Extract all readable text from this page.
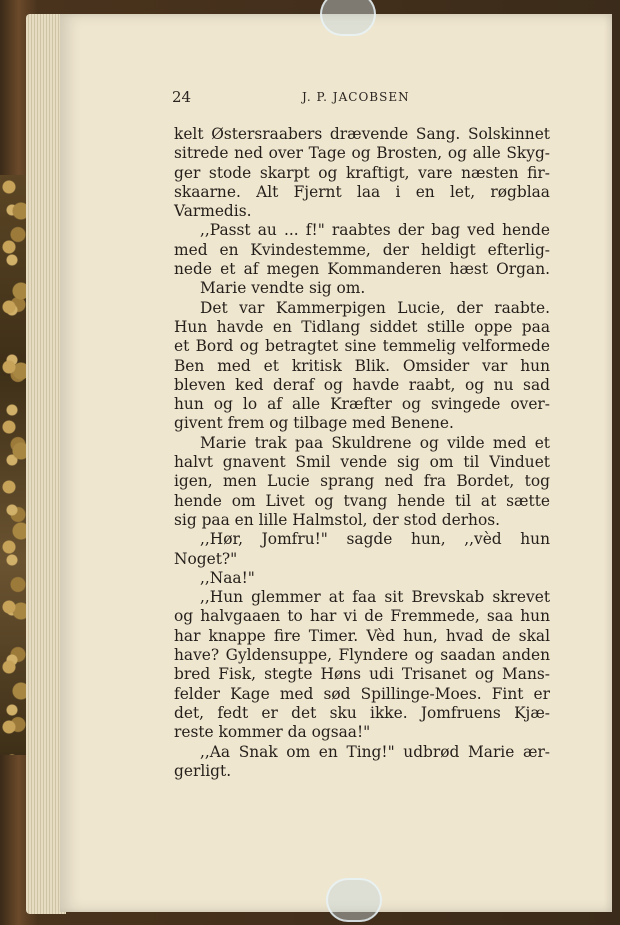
24	J. P. JACOBSEN
kelt Østersraabers drævende Sang. Solskinnet
sitrede ned over Tage og Brosten, og alle Skyg-
ger stode skarpt og kraftigt, vare næsten fir-
skaarne. Alt Fjernt laa i en let, røgblaa
Varmedis.
,,Passt au ... f!" raabtes der bag ved hende
med en Kvindestemme, der heldigt efterlig-
nede et af megen Kommanderen hæst Organ.
Marie vendte sig om.
Det var Kammerpigen Lucie, der raabte.
Hun havde en Tidlang siddet stille oppe paa
et Bord og betragtet sine temmelig velformede
Ben med et kritisk Blik. Omsider var hun
bleven ked deraf og havde raabt, og nu sad
hun og lo af alle Kræfter og svingede over-
givent frem og tilbage med Benene.
Marie trak paa Skuldrene og vilde med et
halvt gnavent Smil vende sig om til Vinduet
igen, men Lucie sprang ned fra Bordet, tog
hende om Livet og tvang hende til at sætte
sig paa en lille Halmstol, der stod derhos.
,,Hør, Jomfru!" sagde hun, ,,vèd hun
Noget?"
,,Naa!"
,,Hun glemmer at faa sit Brevskab skrevet
og halvgaaen to har vi de Fremmede, saa hun
har knappe fire Timer. Vèd hun, hvad de skal
have? Gyldensuppe, Flyndere og saadan anden
bred Fisk, stegte Høns udi Trisanet og Mans-
felder Kage med sød Spillinge-Moes. Fint er
det, fedt er det sku ikke. Jomfruens Kjæ-
reste kommer da ogsaa!"
,,Aa Snak om en Ting!" udbrød Marie ær-
gerligt.
